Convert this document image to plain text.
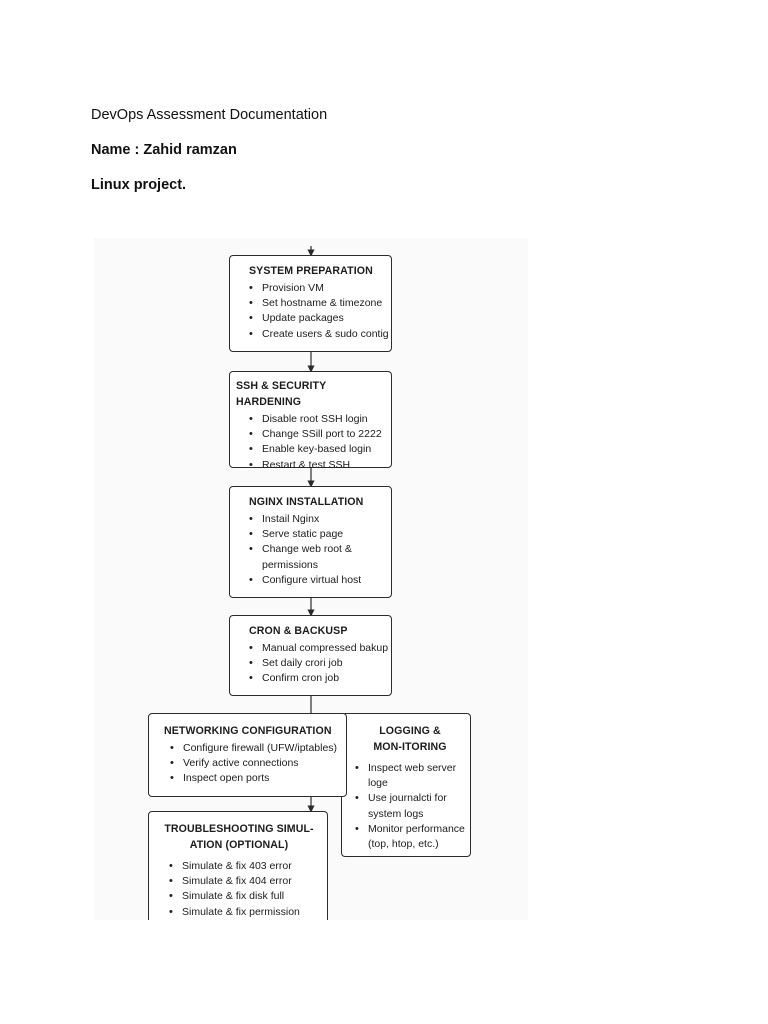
DevOps Assessment Documentation

Name : Zahid ramzan

Linux project.

SYSTEM PREPARATION
• Provision VM
• Set hostname & timezone
• Update packages
• Create users & sudo contig
SSH & SECURITY HARDENING
• Disable root SSH login
• Change SSill port to 2222
• Enable key-based login
• Restart & test SSH
NGINX INSTALLATION
• Instail Nginx
• Serve static page
• Change web root & permissions
• Configure virtual host
CRON & BACKUSP
• Manual compressed bakup
• Set daily crori job
• Confirm cron job
LOGGING & MON-ITORING
• Inspect web server loge
• Use journalcti for system logs
• Monitor performance (top, htop, etc.)
NETWORKING CONFIGURATION
• Configure firewall (UFW/iptables)
• Verify active connections
• Inspect open ports
TROUBLESHOOTING SIMUL-ATION (OPTIONAL)
• Simulate & fix 403 error
• Simulate & fix 404 error
• Simulate & fix disk full
• Simulate & fix permission
